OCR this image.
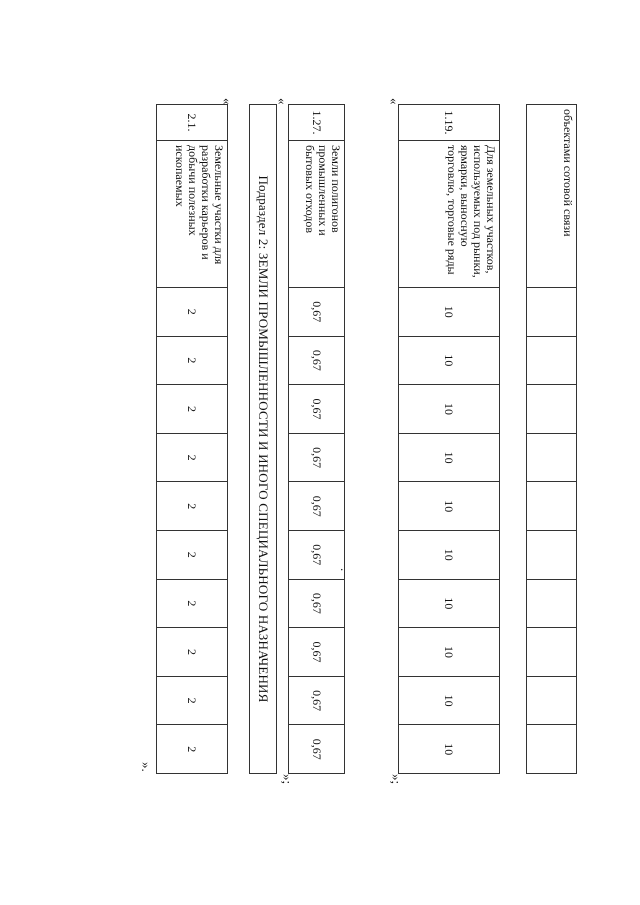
объектами сотовой связи
«
1.19.
Для земельных участков, используемых под рынки, ярмарки, выносную торговлю, торговые ряды
10
10
10
10
10
10
10
10
10
10
»;
«
1.27.
Земли полигонов промышленных и бытовых отходов
0,67
0,67
0,67
0,67
0,67
0,67
0,67
0,67
0,67
0,67
»;
Подраздел 2: ЗЕМЛИ ПРОМЫШЛЕННОСТИ И ИНОГО СПЕЦИАЛЬНОГО НАЗНАЧЕНИЯ
«
2.1.
Земельные участки для разработки карьеров и добычи полезных ископаемых
2
2
2
2
2
2
2
2
2
2
».
.
